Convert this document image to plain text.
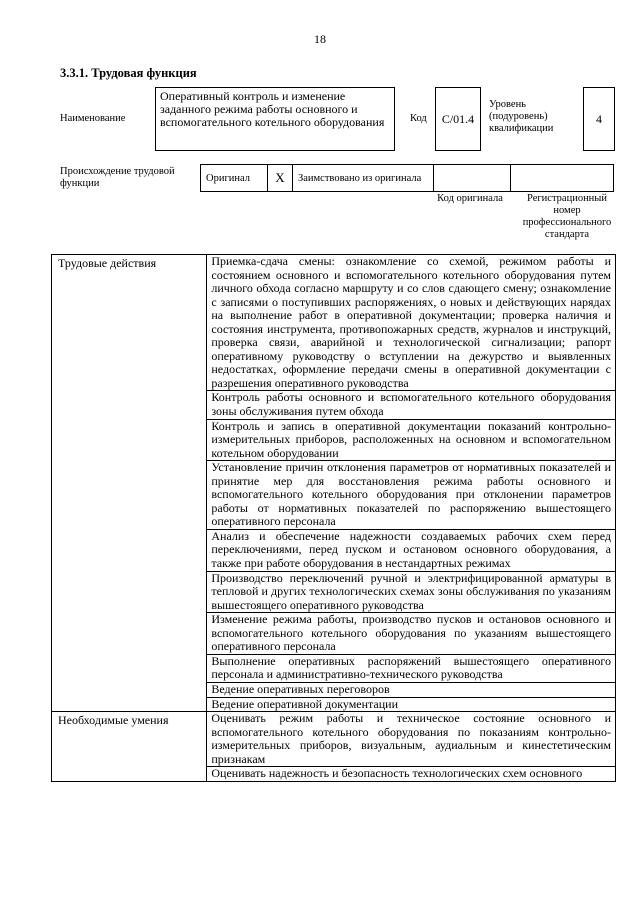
18
3.3.1. Трудовая функция
Наименование
Оперативный контроль и изменение заданного режима работы основного и вспомогательного котельного оборудования	Код	С/01.4
Уровень (подуровень) квалификации
4
Происхождение трудовой функции	Оригинал	X	Заимствовано из оригинала		
Код оригинала	Регистрационный номер профессионального стандарта
Трудовые действия	Приемка-сдача смены: ознакомление со схемой, режимом работы и состоянием основного и вспомогательного котельного оборудования путем личного обхода согласно маршруту и со слов сдающего смену; ознакомление с записями о поступивших распоряжениях, о новых и действующих нарядах на выполнение работ в оперативной документации; проверка наличия и состояния инструмента, противопожарных средств, журналов и инструкций, проверка связи, аварийной и технологической сигнализации; рапорт оперативному руководству о вступлении на дежурство и выявленных недостатках, оформление передачи смены в оперативной документации с разрешения оперативного руководства
	Контроль работы основного и вспомогательного котельного оборудования зоны обслуживания путем обхода
	Контроль и запись в оперативной документации показаний контрольно-измерительных приборов, расположенных на основном и вспомогательном котельном оборудовании
	Установление причин отклонения параметров от нормативных показателей и принятие мер для восстановления режима работы основного и вспомогательного котельного оборудования при отклонении параметров работы от нормативных показателей по распоряжению вышестоящего оперативного персонала
	Анализ и обеспечение надежности создаваемых рабочих схем перед переключениями, перед пуском и остановом основного оборудования, а также при работе оборудования в нестандартных режимах
	Производство переключений ручной и электрифицированной арматуры в тепловой и других технологических схемах зоны обслуживания по указаниям вышестоящего оперативного руководства
	Изменение режима работы, производство пусков и остановов основного и вспомогательного котельного оборудования по указаниям вышестоящего оперативного персонала
	Выполнение оперативных распоряжений вышестоящего оперативного персонала и административно-технического руководства
	Ведение оперативных переговоров
	Ведение оперативной документации
Необходимые умения	Оценивать режим работы и техническое состояние основного и вспомогательного котельного оборудования по показаниям контрольно-измерительных приборов, визуальным, аудиальным и кинестетическим признакам
	Оценивать надежность и безопасность технологических схем основного
